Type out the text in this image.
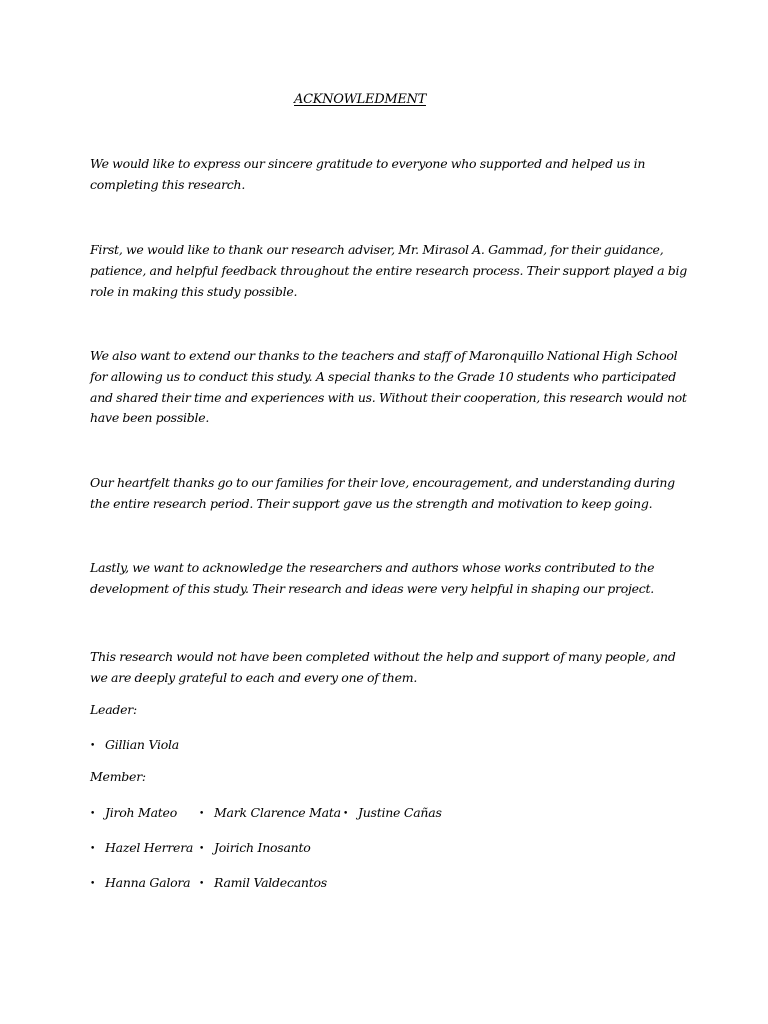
ACKNOWLEDMENT

We would like to express our sincere gratitude to everyone who supported and helped us in completing this research.

First, we would like to thank our research adviser, Mr. Mirasol A. Gammad, for their guidance, patience, and helpful feedback throughout the entire research process. Their support played a big role in making this study possible.

We also want to extend our thanks to the teachers and staff of Maronquillo National High School for allowing us to conduct this study. A special thanks to the Grade 10 students who participated and shared their time and experiences with us. Without their cooperation, this research would not have been possible.

Our heartfelt thanks go to our families for their love, encouragement, and understanding during the entire research period. Their support gave us the strength and motivation to keep going.

Lastly, we want to acknowledge the researchers and authors whose works contributed to the development of this study. Their research and ideas were very helpful in shaping our project.

This research would not have been completed without the help and support of many people, and we are deeply grateful to each and every one of them.

Leader:

• Gillian Viola

Member:

• Jiroh Mateo • Mark Clarence Mata • Justine Cañas
• Hazel Herrera • Joirich Inosanto
• Hanna Galora • Ramil Valdecantos
